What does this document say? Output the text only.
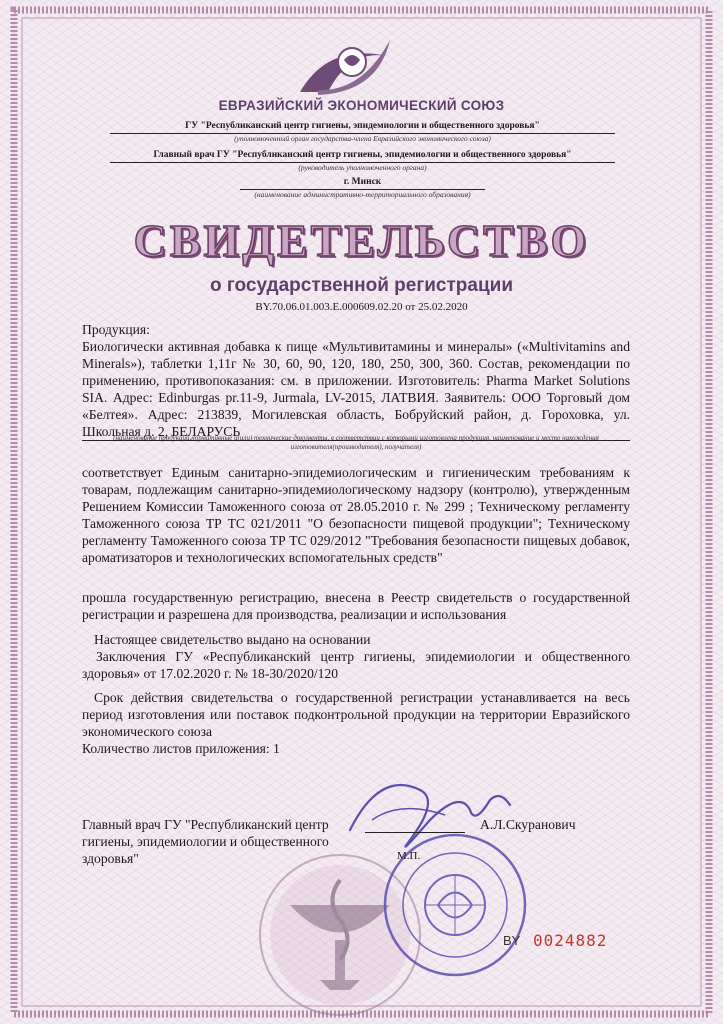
ЕВРАЗИЙСКИЙ ЭКОНОМИЧЕСКИЙ СОЮЗ
ГУ "Республиканский центр гигиены, эпидемиологии и общественного здоровья"
(уполномоченный орган государства-члена Евразийского экономического союза)
Главный врач ГУ "Республиканский центр гигиены, эпидемиологии и общественного здоровья"
(руководитель уполномоченного органа)
г. Минск
(наименование административно-территориального образования)
СВИДЕТЕЛЬСТВО
о государственной регистрации
BY.70.06.01.003.E.000609.02.20 от 25.02.2020
Продукция:
Биологически активная добавка к пище «Мультивитамины и минералы» («Multivitamins and Minerals»), таблетки 1,11г № 30, 60, 90, 120, 180, 250, 300, 360. Состав, рекомендации по применению, противопоказания: см. в приложении. Изготовитель: Pharma Market Solutions SIA. Адрес: Edinburgas pr.11-9, Jurmala, LV-2015, ЛАТВИЯ. Заявитель: ООО Торговый дом «Белтея». Адрес: 213839, Могилевская область, Бобруйский район, д. Гороховка, ул. Школьная д. 2, БЕЛАРУСЬ
(наименование продукции,нормативные и(или) технические документы, в соответствии с которыми изготовлена продукция, наименование и место нахождения изготовителя(производителя), получателя)
соответствует Единым санитарно-эпидемиологическим и гигиеническим требованиям к товарам, подлежащим санитарно-эпидемиологическому надзору (контролю), утвержденным Решением Комиссии Таможенного союза от 28.05.2010 г. № 299 ; Техническому регламенту Таможенного союза ТР ТС 021/2011 "О безопасности пищевой продукции"; Техническому регламенту Таможенного союза ТР ТС 029/2012 "Требования безопасности пищевых добавок, ароматизаторов и технологических вспомогательных средств"
прошла государственную регистрацию, внесена в Реестр свидетельств о государственной регистрации и разрешена для производства, реализации и использования
Настоящее свидетельство выдано на основании
Заключения ГУ «Республиканский центр гигиены, эпидемиологии и общественного здоровья» от 17.02.2020 г. № 18-30/2020/120
Срок действия свидетельства о государственной регистрации устанавливается на весь период изготовления или поставок подконтрольной продукции на территории Евразийского экономического союза
Количество листов приложения: 1
Главный врач ГУ "Республиканский центр гигиены, эпидемиологии и общественного здоровья"
А.Л.Скуранович
М.П.
BY 0024882
